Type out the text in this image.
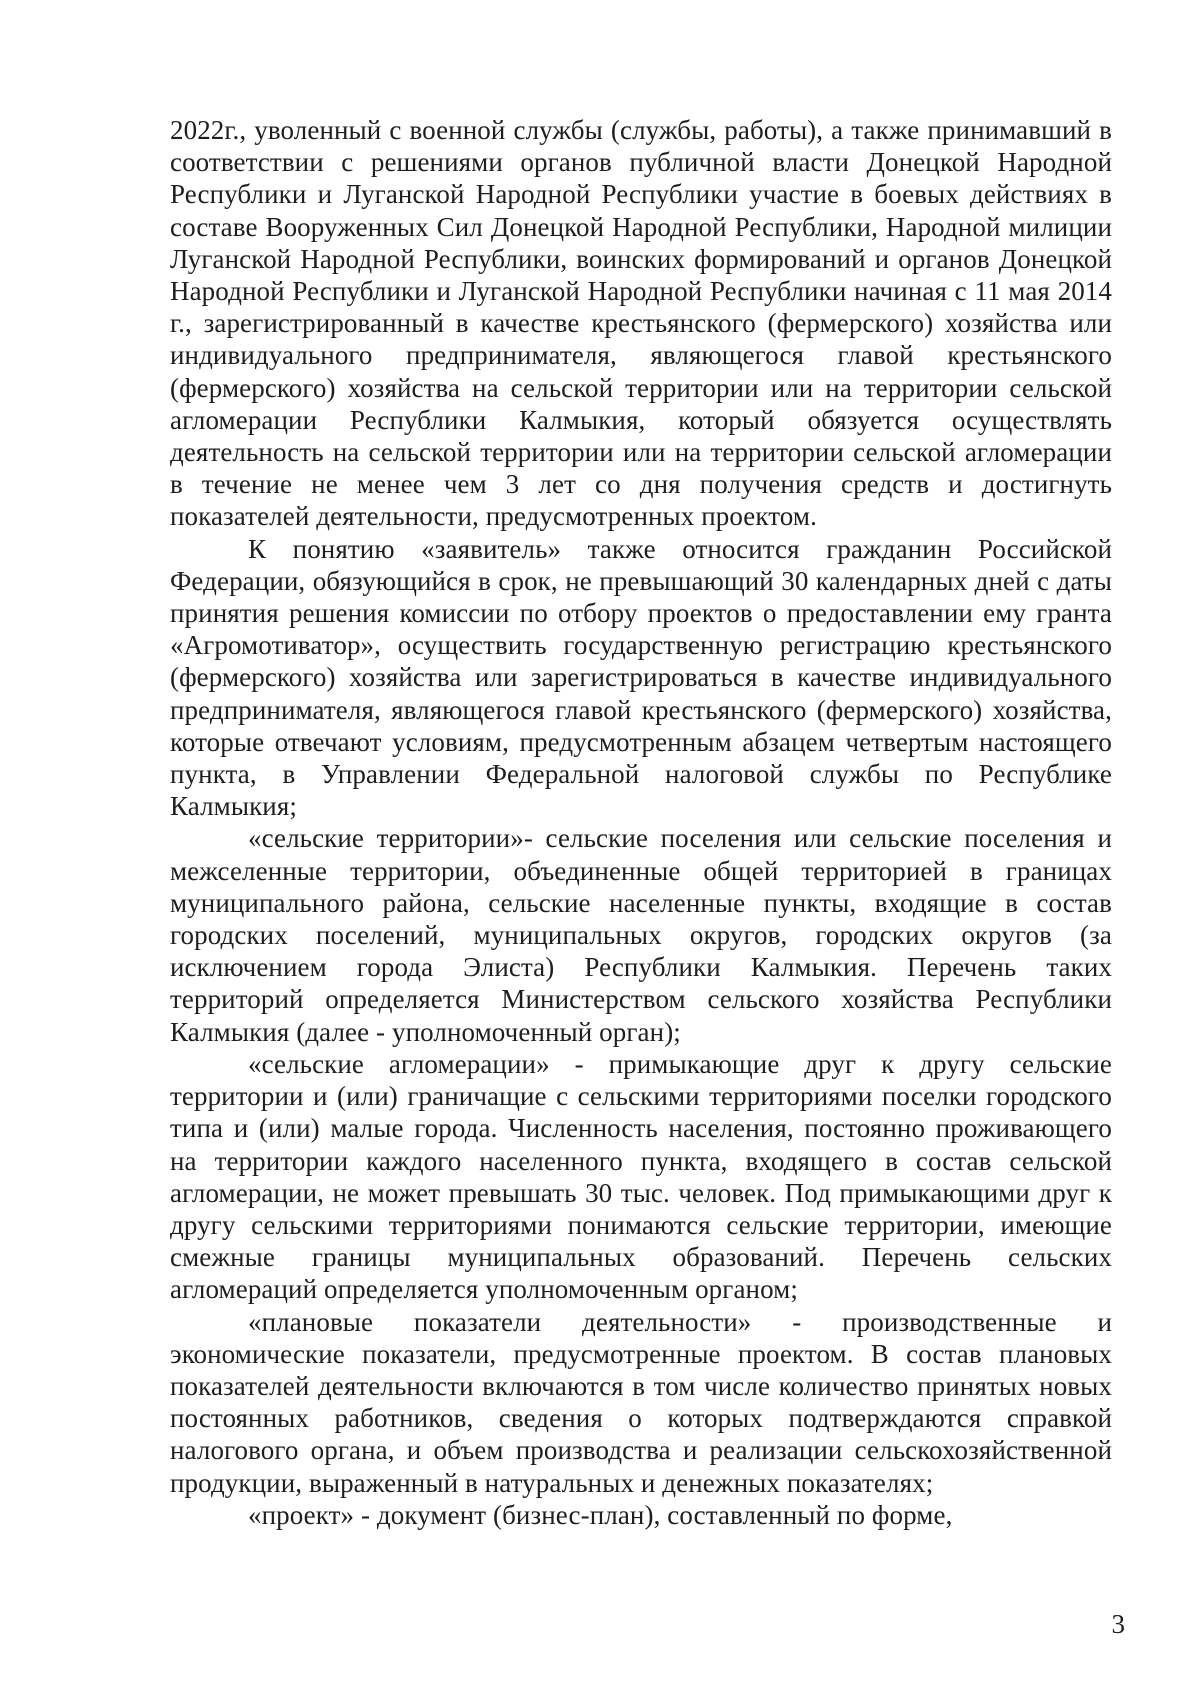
2022г., уволенный с военной службы (службы, работы), а также принимавший в соответствии с решениями органов публичной власти Донецкой Народной Республики и Луганской Народной Республики участие в боевых действиях в составе Вооруженных Сил Донецкой Народной Республики, Народной милиции Луганской Народной Республики, воинских формирований и органов Донецкой Народной Республики и Луганской Народной Республики начиная с 11 мая 2014 г., зарегистрированный в качестве крестьянского (фермерского) хозяйства или индивидуального предпринимателя, являющегося главой крестьянского (фермерского) хозяйства на сельской территории или на территории сельской агломерации Республики Калмыкия, который обязуется осуществлять деятельность на сельской территории или на территории сельской агломерации в течение не менее чем 3 лет со дня получения средств и достигнуть показателей деятельности, предусмотренных проектом.

К понятию «заявитель» также относится гражданин Российской Федерации, обязующийся в срок, не превышающий 30 календарных дней с даты принятия решения комиссии по отбору проектов о предоставлении ему гранта «Агромотиватор», осуществить государственную регистрацию крестьянского (фермерского) хозяйства или зарегистрироваться в качестве индивидуального предпринимателя, являющегося главой крестьянского (фермерского) хозяйства, которые отвечают условиям, предусмотренным абзацем четвертым настоящего пункта, в Управлении Федеральной налоговой службы по Республике Калмыкия;

«сельские территории»- сельские поселения или сельские поселения и межселенные территории, объединенные общей территорией в границах муниципального района, сельские населенные пункты, входящие в состав городских поселений, муниципальных округов, городских округов (за исключением города Элиста) Республики Калмыкия. Перечень таких территорий определяется Министерством сельского хозяйства Республики Калмыкия (далее - уполномоченный орган);

«сельские агломерации» - примыкающие друг к другу сельские территории и (или) граничащие с сельскими территориями поселки городского типа и (или) малые города. Численность населения, постоянно проживающего на территории каждого населенного пункта, входящего в состав сельской агломерации, не может превышать 30 тыс. человек. Под примыкающими друг к другу сельскими территориями понимаются сельские территории, имеющие смежные границы муниципальных образований. Перечень сельских агломераций определяется уполномоченным органом;

«плановые показатели деятельности» - производственные и экономические показатели, предусмотренные проектом. В состав плановых показателей деятельности включаются в том числе количество принятых новых постоянных работников, сведения о которых подтверждаются справкой налогового органа, и объем производства и реализации сельскохозяйственной продукции, выраженный в натуральных и денежных показателях;

«проект» - документ (бизнес-план), составленный по форме,

3
